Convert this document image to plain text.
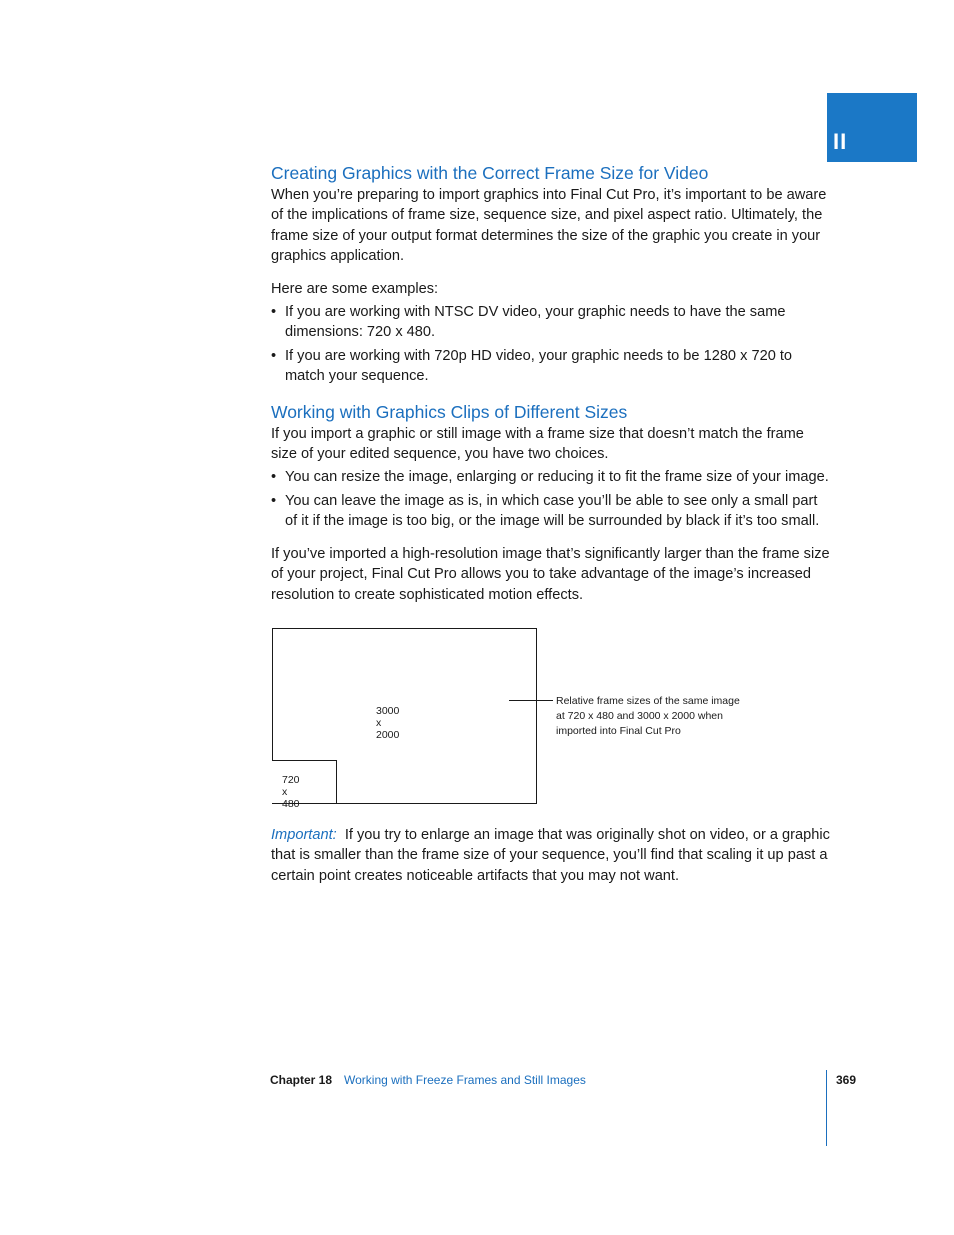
II
Creating Graphics with the Correct Frame Size for Video

When you’re preparing to import graphics into Final Cut Pro, it’s important to be aware of the implications of frame size, sequence size, and pixel aspect ratio. Ultimately, the frame size of your output format determines the size of the graphic you create in your graphics application.

Here are some examples:

• If you are working with NTSC DV video, your graphic needs to have the same dimensions: 720 x 480.
• If you are working with 720p HD video, your graphic needs to be 1280 x 720 to match your sequence.
Working with Graphics Clips of Different Sizes

If you import a graphic or still image with a frame size that doesn’t match the frame size of your edited sequence, you have two choices.

• You can resize the image, enlarging or reducing it to fit the frame size of your image.
• You can leave the image as is, in which case you’ll be able to see only a small part of it if the image is too big, or the image will be surrounded by black if it’s too small.

If you’ve imported a high-resolution image that’s significantly larger than the frame size of your project, Final Cut Pro allows you to take advantage of the image’s increased resolution to create sophisticated motion effects.

Important: If you try to enlarge an image that was originally shot on video, or a graphic that is smaller than the frame size of your sequence, you’ll find that scaling it up past a certain point creates noticeable artifacts that you may not want.

720 x 480
3000 x 2000
Relative frame sizes of the same image at 720 x 480 and 3000 x 2000 when imported into Final Cut Pro
Chapter 18 Working with Freeze Frames and Still Images	369
